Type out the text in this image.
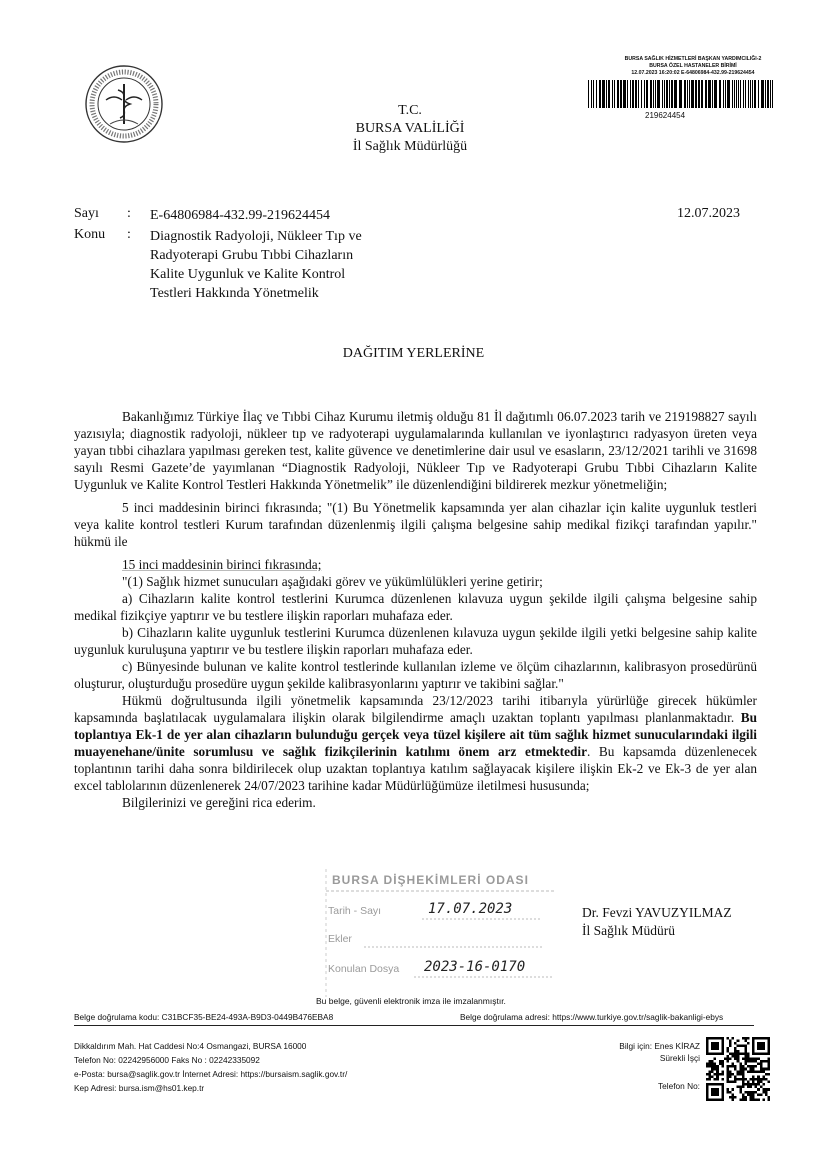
T.C.
BURSA VALİLİĞİ
İl Sağlık Müdürlüğü
BURSA SAĞLIK HİZMETLERİ BAŞKAN YARDIMCILIĞI-2
BURSA ÖZEL HASTANELER BİRİMİ
12.07.2023 16:20:02 E-64806984-432.99-219624454
219624454
Sayı : E-64806984-432.99-219624454	12.07.2023
Konu : Diagnostik Radyoloji, Nükleer Tıp ve
Radyoterapi Grubu Tıbbi Cihazların
Kalite Uygunluk ve Kalite Kontrol
Testleri Hakkında Yönetmelik
DAĞITIM YERLERİNE

Bakanlığımız Türkiye İlaç ve Tıbbi Cihaz Kurumu iletmiş olduğu 81 İl dağıtımlı 06.07.2023 tarih ve 219198827 sayılı yazısıyla; diagnostik radyoloji, nükleer tıp ve radyoterapi uygulamalarında kullanılan ve iyonlaştırıcı radyasyon üreten veya yayan tıbbi cihazlara yapılması gereken test, kalite güvence ve denetimlerine dair usul ve esasların, 23/12/2021 tarihli ve 31698 sayılı Resmi Gazete’de yayımlanan “Diagnostik Radyoloji, Nükleer Tıp ve Radyoterapi Grubu Tıbbi Cihazların Kalite Uygunluk ve Kalite Kontrol Testleri Hakkında Yönetmelik” ile düzenlendiğini bildirerek mezkur yönetmeliğin;

5 inci maddesinin birinci fıkrasında; "(1) Bu Yönetmelik kapsamında yer alan cihazlar için kalite uygunluk testleri veya kalite kontrol testleri Kurum tarafından düzenlenmiş ilgili çalışma belgesine sahip medikal fizikçi tarafından yapılır." hükmü ile

15 inci maddesinin birinci fıkrasında;

"(1) Sağlık hizmet sunucuları aşağıdaki görev ve yükümlülükleri yerine getirir;

a) Cihazların kalite kontrol testlerini Kurumca düzenlenen kılavuza uygun şekilde ilgili çalışma belgesine sahip medikal fizikçiye yaptırır ve bu testlere ilişkin raporları muhafaza eder.

b) Cihazların kalite uygunluk testlerini Kurumca düzenlenen kılavuza uygun şekilde ilgili yetki belgesine sahip kalite uygunluk kuruluşuna yaptırır ve bu testlere ilişkin raporları muhafaza eder.

c) Bünyesinde bulunan ve kalite kontrol testlerinde kullanılan izleme ve ölçüm cihazlarının, kalibrasyon prosedürünü oluşturur, oluşturduğu prosedüre uygun şekilde kalibrasyonlarını yaptırır ve takibini sağlar."

Hükmü doğrultusunda ilgili yönetmelik kapsamında 23/12/2023 tarihi itibarıyla yürürlüğe girecek hükümler kapsamında başlatılacak uygulamalara ilişkin olarak bilgilendirme amaçlı uzaktan toplantı yapılması planlanmaktadır. Bu toplantıya Ek-1 de yer alan cihazların bulunduğu gerçek veya tüzel kişilere ait tüm sağlık hizmet sunucularındaki ilgili muayenehane/ünite sorumlusu ve sağlık fizikçilerinin katılımı önem arz etmektedir. Bu kapsamda düzenlenecek toplantının tarihi daha sonra bildirilecek olup uzaktan toplantıya katılım sağlayacak kişilere ilişkin Ek-2 ve Ek-3 de yer alan excel tablolarının düzenlenerek 24/07/2023 tarihine kadar Müdürlüğümüze iletilmesi hususunda;

Bilgilerinizi ve gereğini rica ederim.

Dr. Fevzi YAVUZYILMAZ
İl Sağlık Müdürü
BURSA DİŞHEKİMLERİ ODASI
Tarih - Sayı	17.07.2023
Ekler
Konulan Dosya 2023-16-0170
Bu belge, güvenli elektronik imza ile imzalanmıştır.
Belge doğrulama kodu: C31BCF35-BE24-493A-B9D3-0449B476EBA8	Belge doğrulama adresi: https://www.turkiye.gov.tr/saglik-bakanligi-ebys
Dikkaldırım Mah. Hat Caddesi No:4 Osmangazi, BURSA 16000
Telefon No: 02242956000 Faks No : 02242335092
e-Posta: bursa@saglik.gov.tr İnternet Adresi: https://bursaism.saglik.gov.tr/
Kep Adresi: bursa.ism@hs01.kep.tr
Bilgi için: Enes KİRAZ
Sürekli İşçi
Telefon No:
